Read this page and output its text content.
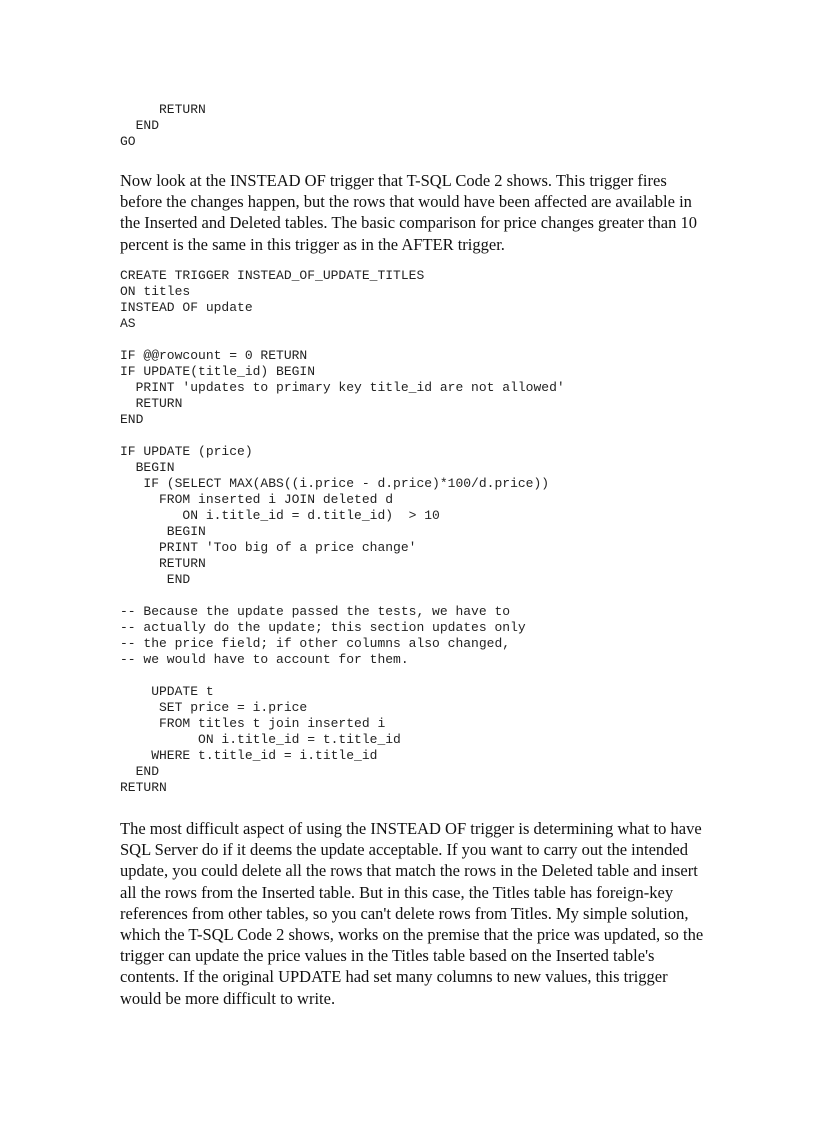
RETURN
END
GO

Now look at the INSTEAD OF trigger that T-SQL Code 2 shows. This trigger fires
before the changes happen, but the rows that would have been affected are available in
the Inserted and Deleted tables. The basic comparison for price changes greater than 10
percent is the same in this trigger as in the AFTER trigger.

CREATE TRIGGER INSTEAD_OF_UPDATE_TITLES
ON titles
INSTEAD OF update
AS
IF @@rowcount = 0 RETURN
IF UPDATE(title_id) BEGIN
PRINT 'updates to primary key title_id are not allowed'
RETURN
END
IF UPDATE (price)
BEGIN
IF (SELECT MAX(ABS((i.price - d.price)*100/d.price))
FROM inserted i JOIN deleted d
ON i.title_id = d.title_id)  > 10
BEGIN
PRINT 'Too big of a price change'
RETURN
END
-- Because the update passed the tests, we have to
-- actually do the update; this section updates only
-- the price field; if other columns also changed,
-- we would have to account for them.
UPDATE t
SET price = i.price
FROM titles t join inserted i
ON i.title_id = t.title_id
WHERE t.title_id = i.title_id
END
RETURN

The most difficult aspect of using the INSTEAD OF trigger is determining what to have
SQL Server do if it deems the update acceptable. If you want to carry out the intended
update, you could delete all the rows that match the rows in the Deleted table and insert
all the rows from the Inserted table. But in this case, the Titles table has foreign-key
references from other tables, so you can't delete rows from Titles. My simple solution,
which the T-SQL Code 2 shows, works on the premise that the price was updated, so the
trigger can update the price values in the Titles table based on the Inserted table's
contents. If the original UPDATE had set many columns to new values, this trigger
would be more difficult to write.
